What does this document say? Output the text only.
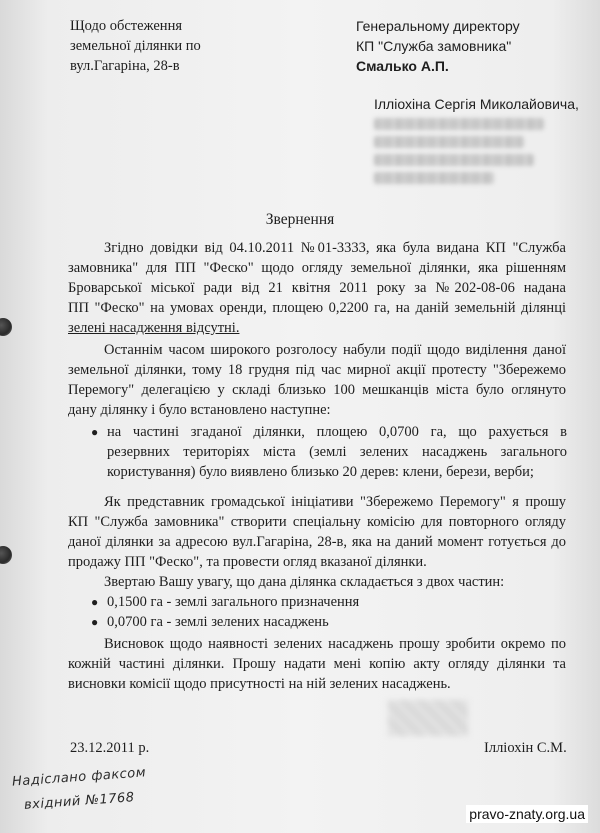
Щодо обстеження
земельної ділянки по
вул.Гагаріна, 28-в
Генеральному директору
КП "Служба замовника"
Смалько А.П.
Ілліохіна Сергія Миколайовича,
Звернення
Згідно довідки від 04.10.2011 №01-3333, яка була видана КП "Служба
замовника" для ПП "Феско" щодо огляду земельної ділянки, яка рішенням
Броварської міської ради від 21 квітня 2011 року за №202-08-06 надана
ПП "Феско" на умовах оренди, площею 0,2200 га, на даній земельній ділянці
зелені насадження відсутні.
Останнім часом широкого розголосу набули події щодо виділення даної
земельної ділянки, тому 18 грудня під час мирної акції протесту "Збережемо
Перемогу" делегацією у складі близько 100 мешканців міста було оглянуто
дану ділянку і було встановлено наступне:
● на частині згаданої ділянки, площею 0,0700 га, що рахується в
резервних територіях міста (землі зелених насаджень загального
користування) було виявлено близько 20 дерев: клени, берези, верби;
Як представник громадської ініціативи "Збережемо Перемогу" я прошу
КП "Служба замовника" створити спеціальну комісію для повторного огляду
даної ділянки за адресою вул.Гагаріна, 28-в, яка на даний момент готується до
продажу ПП "Феско", та провести огляд вказаної ділянки.
Звертаю Вашу увагу, що дана ділянка складається з двох частин:
● 0,1500 га - землі загального призначення
● 0,0700 га - землі зелених насаджень
Висновок щодо наявності зелених насаджень прошу зробити окремо по
кожній частині ділянки. Прошу надати мені копію акту огляду ділянки та
висновки комісії щодо присутності на ній зелених насаджень.
23.12.2011 р.	Ілліохін С.М.
Надіслано факсом
вхідний №1768
pravo-znaty.org.ua
